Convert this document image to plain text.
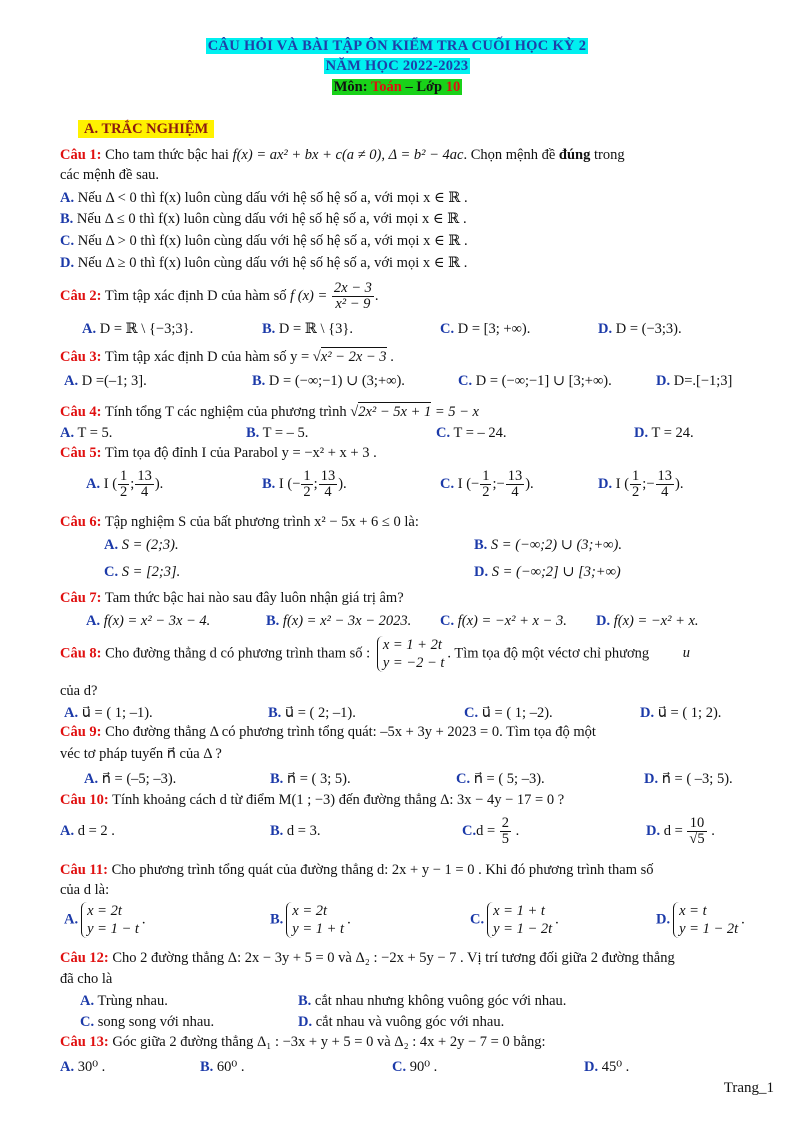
CÂU HỎI VÀ BÀI TẬP ÔN KIỂM TRA CUỐI HỌC KỲ 2
NĂM HỌC 2022-2023
Môn: Toán – Lớp 10
A. TRẮC NGHIỆM
Câu 1: Cho tam thức bậc hai f(x) = ax² + bx + c(a ≠ 0), Δ = b² − 4ac. Chọn mệnh đề đúng trong
các mệnh đề sau.
A. Nếu Δ < 0 thì f(x) luôn cùng dấu với hệ số hệ số a, với mọi x ∈ ℝ .
B. Nếu Δ ≤ 0 thì f(x) luôn cùng dấu với hệ số hệ số a, với mọi x ∈ ℝ .
C. Nếu Δ > 0 thì f(x) luôn cùng dấu với hệ số hệ số a, với mọi x ∈ ℝ .
D. Nếu Δ ≥ 0 thì f(x) luôn cùng dấu với hệ số hệ số a, với mọi x ∈ ℝ .
Câu 2: Tìm tập xác định D của hàm số f $(x) = \frac{2x - 3}{\text{x² − 9}}$ .
A. D = ℝ \ {−3;3}.	B. D = ℝ \ {3}.	C. D = [3; +∞).	D. D = (−3;3).
Câu 3: Tìm tập xác định D của hàm số y = √x² − 2x − 3 .
A. D =(–1; 3].	B. D = (−∞;−1) ∪ (3;+∞).	C. D = (−∞;−1] ∪ [3;+∞).	D. D=.[−1;3]
Câu 4: Tính tổng T các nghiệm của phương trình √2x² − 5x + 1 = 5 − x
A. T = 5.	B. T = – 5.	C. T = – 24.	D. T = 24.
Câu 5: Tìm tọa độ đỉnh I của Parabol y = −x² + x + 3 .
A. I ( $\frac{1}{2}$ ; $\frac{13}{4}$ ).	B. I (− $\frac{1}{2}$ ; $\frac{13}{4}$ ).	C. I (− $\frac{1}{2}$ ;− $\frac{13}{4}$ ).	D. I ( $\frac{1}{2}$ ;− $\frac{13}{4}$ ).
Câu 6: Tập nghiệm S của bất phương trình x² − 5x + 6 ≤ 0 là:
A. S = (2;3).	B. S = (−∞;2) ∪ (3;+∞).
C. S = [2;3].	D. S = (−∞;2] ∪ [3;+∞)
Câu 7: Tam thức bậc hai nào sau đây luôn nhận giá trị âm?
A. f(x) = x² − 3x − 4.	B. f(x) = x² − 3x − 2023. C. f(x) = −x² + x − 3. D. f(x) = −x² + x.
Câu 8: Cho đường thẳng d có phương trình tham số :
x = 1 + 2t
y = −2 − t
. Tìm tọa độ một véctơ chỉ phương u⃗
của d?
A. u⃗ = ( 1; –1).	B. u⃗ = ( 2; –1).	C. u⃗ = ( 1; –2).	D. u⃗ = ( 1; 2).
Câu 9: Cho đường thẳng Δ có phương trình tổng quát: –5x + 3y + 2023 = 0. Tìm tọa độ một
véc tơ pháp tuyến n⃗ của Δ ?
A. n⃗ = (–5; –3).	B. n⃗ = ( 3; 5).	C. n⃗ = ( 5; –3).	D. n⃗ = ( –3; 5).
Câu 10: Tính khoảng cách d từ điểm M(1 ; −3) đến đường thẳng Δ: 3x − 4y − 17 = 0 ?
A. d = 2 .	B. d = 3.	$C.d = \frac{2}{5}$ .	D. $d = \frac{10}{√5}$ .
Câu 11: Cho phương trình tổng quát của đường thẳng d: 2x + y − 1 = 0 . Khi đó phương trình tham số
của d là:
A.
x = 2t
y = 1 − t
.	B.
x = 2t
y = 1 + t
.	C.
x = 1 + t
y = 1 − 2t
.	D.
x = t
y = 1 − 2t
.
Câu 12: Cho 2 đường thẳng Δ: 2x − 3y + 5 = 0 và Δ₂ : −2x + 5y − 7 . Vị trí tương đối giữa 2 đường thẳng
đã cho là
A. Trùng nhau.	B. cắt nhau nhưng không vuông góc với nhau.
C. song song với nhau.	D. cắt nhau và vuông góc với nhau.
Câu 13: Góc giữa 2 đường thẳng Δ₁ : −3x + y + 5 = 0 và Δ₂ : 4x + 2y − 7 = 0 bằng:
A. 30⁰ .	B. 60⁰ .	C. 90⁰ .	D. 45⁰ .
Trang_1
